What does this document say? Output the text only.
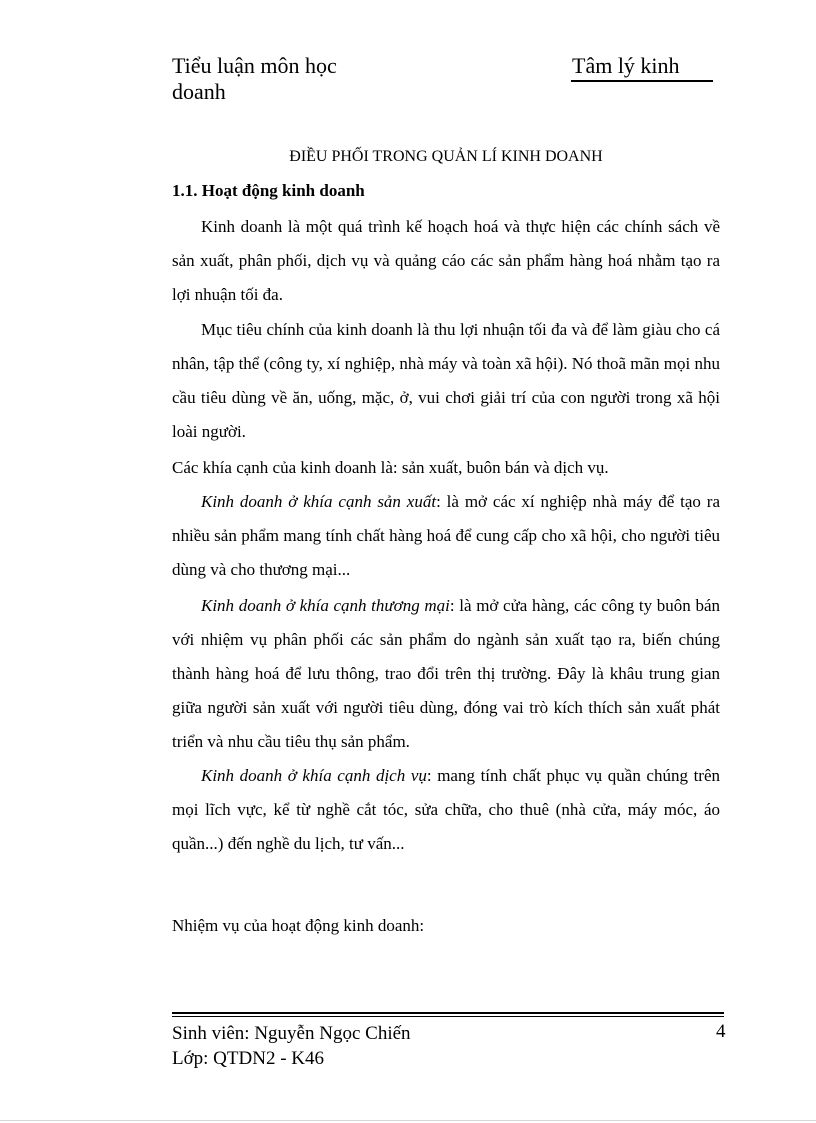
Tiểu luận môn học	Tâm lý kinh
doanh
ĐIỀU PHỐI TRONG QUẢN LÍ KINH DOANH
1.1. Hoạt động kinh doanh
Kinh doanh là một quá trình kế hoạch hoá và thực hiện các chính sách về sản xuất, phân phối, dịch vụ và quảng cáo các sản phẩm hàng hoá nhằm tạo ra lợi nhuận tối đa.
Mục tiêu chính của kinh doanh là thu lợi nhuận tối đa và để làm giàu cho cá nhân, tập thể (công ty, xí nghiệp, nhà máy và toàn xã hội). Nó thoã mãn mọi nhu cầu tiêu dùng về ăn, uống, mặc, ở, vui chơi giải trí của con người trong xã hội loài người.
Các khía cạnh của kinh doanh là: sản xuất, buôn bán và dịch vụ.
Kinh doanh ở khía cạnh sản xuất: là mở các xí nghiệp nhà máy để tạo ra nhiều sản phẩm mang tính chất hàng hoá để cung cấp cho xã hội, cho người tiêu dùng và cho thương mại...
Kinh doanh ở khía cạnh thương mại: là mở cửa hàng, các công ty buôn bán với nhiệm vụ phân phối các sản phẩm do ngành sản xuất tạo ra, biến chúng thành hàng hoá để lưu thông, trao đổi trên thị trường. Đây là khâu trung gian giữa người sản xuất với người tiêu dùng, đóng vai trò kích thích sản xuất phát triển và nhu cầu tiêu thụ sản phẩm.
Kinh doanh ở khía cạnh dịch vụ: mang tính chất phục vụ quần chúng trên mọi lĩch vực, kể từ nghề cắt tóc, sửa chữa, cho thuê (nhà cửa, máy móc, áo quần...) đến nghề du lịch, tư vấn...
Nhiệm vụ của hoạt động kinh doanh:
Sinh viên: Nguyễn Ngọc Chiến
Lớp: QTDN2 - K46
4
